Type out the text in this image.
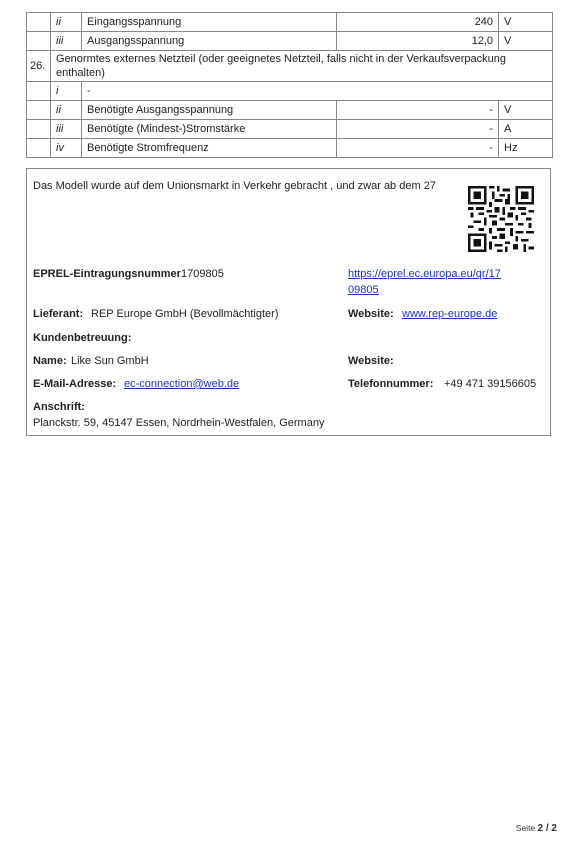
	ii	Eingangsspannung	240	V
	iii	Ausgangsspannung	12,0	V
26.	Genormtes externes Netzteil (oder geeignetes Netzteil, falls nicht in der Verkaufsverpackung enthalten)			
	i	-		
	ii	Benötigte Ausgangsspannung	-	V
	iii	Benötigte (Mindest-)Stromstärke	-	A
	iv	Benötigte Stromfrequenz	-	Hz
Das Modell wurde auf dem Unionsmarkt in Verkehr gebracht , und zwar ab dem 27
EPREL-Eintragungsnummer 1709805	https://eprel.ec.europa.eu/qr/17
09805
Lieferant: REP Europe GmbH (Bevollmächtigter)	Website: www.rep-europe.de
Kundenbetreuung:
Name: Like Sun GmbH	Website:
E-Mail-Adresse: ec-connection@web.de	Telefonnummer: +49 471 39156605
Anschrift:
Planckstr. 59, 45147 Essen, Nordrhein-Westfalen, Germany
Seite 2 / 2
